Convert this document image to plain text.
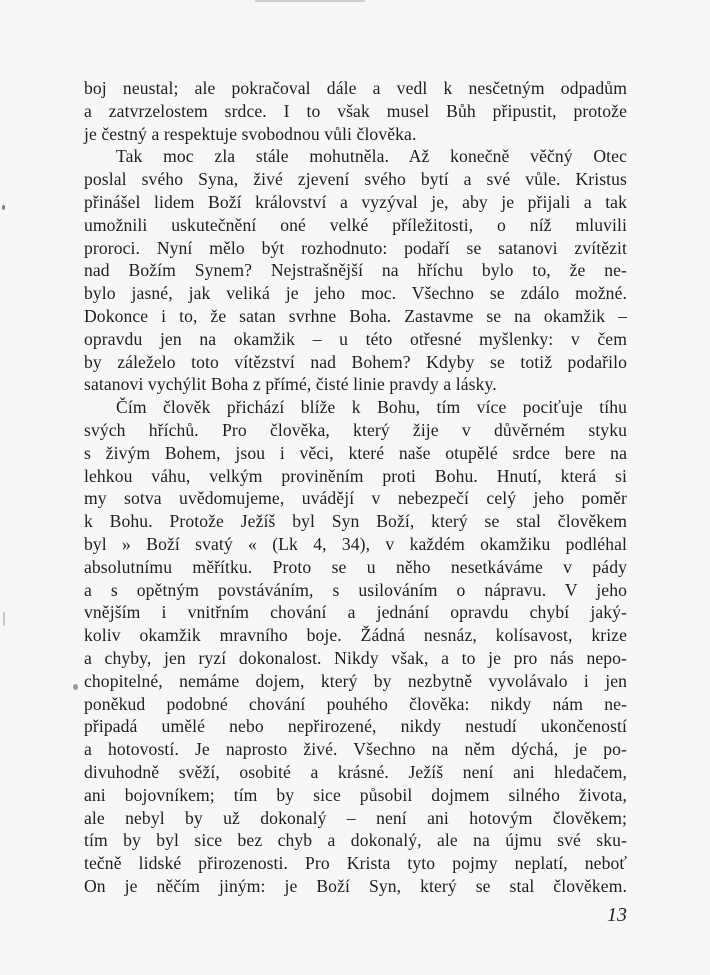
boj neustal; ale pokračoval dále a vedl k nesčetným odpadům
a zatvrzelostem srdce. I to však musel Bůh připustit, protože
je čestný a respektuje svobodnou vůli člověka.
Tak moc zla stále mohutněla. Až konečně věčný Otec
poslal svého Syna, živé zjevení svého bytí a své vůle. Kristus
přinášel lidem Boží království a vyzýval je, aby je přijali a tak
umožnili uskutečnění oné velké příležitosti, o níž mluvili
proroci. Nyní mělo být rozhodnuto: podaří se satanovi zvítězit
nad Božím Synem? Nejstrašnější na hříchu bylo to, že ne-
bylo jasné, jak veliká je jeho moc. Všechno se zdálo možné.
Dokonce i to, že satan svrhne Boha. Zastavme se na okamžik –
opravdu jen na okamžik – u této otřesné myšlenky: v čem
by záleželo toto vítězství nad Bohem? Kdyby se totiž podařilo
satanovi vychýlit Boha z přímé, čisté linie pravdy a lásky.
Čím člověk přichází blíže k Bohu, tím více pociťuje tíhu
svých hříchů. Pro člověka, který žije v důvěrném styku
s živým Bohem, jsou i věci, které naše otupělé srdce bere na
lehkou váhu, velkým proviněním proti Bohu. Hnutí, která si
my sotva uvědomujeme, uvádějí v nebezpečí celý jeho poměr
k Bohu. Protože Ježíš byl Syn Boží, který se stal člověkem
byl » Boží svatý « (Lk 4, 34), v každém okamžiku podléhal
absolutnímu měřítku. Proto se u něho nesetkáváme v pády
a s opětným povstáváním, s usilováním o nápravu. V jeho
vnějším i vnitřním chování a jednání opravdu chybí jaký-
koliv okamžik mravního boje. Žádná nesnáz, kolísavost, krize
a chyby, jen ryzí dokonalost. Nikdy však, a to je pro nás nepo-
chopitelné, nemáme dojem, který by nezbytně vyvolávalo i jen
poněkud podobné chování pouhého člověka: nikdy nám ne-
připadá umělé nebo nepřirozené, nikdy nestudí ukončeností
a hotovostí. Je naprosto živé. Všechno na něm dýchá, je po-
divuhodně svěží, osobité a krásné. Ježíš není ani hledačem,
ani bojovníkem; tím by sice působil dojmem silného života,
ale nebyl by už dokonalý – není ani hotovým člověkem;
tím by byl sice bez chyb a dokonalý, ale na újmu své sku-
tečně lidské přirozenosti. Pro Krista tyto pojmy neplatí, neboť
On je něčím jiným: je Boží Syn, který se stal člověkem.
13
